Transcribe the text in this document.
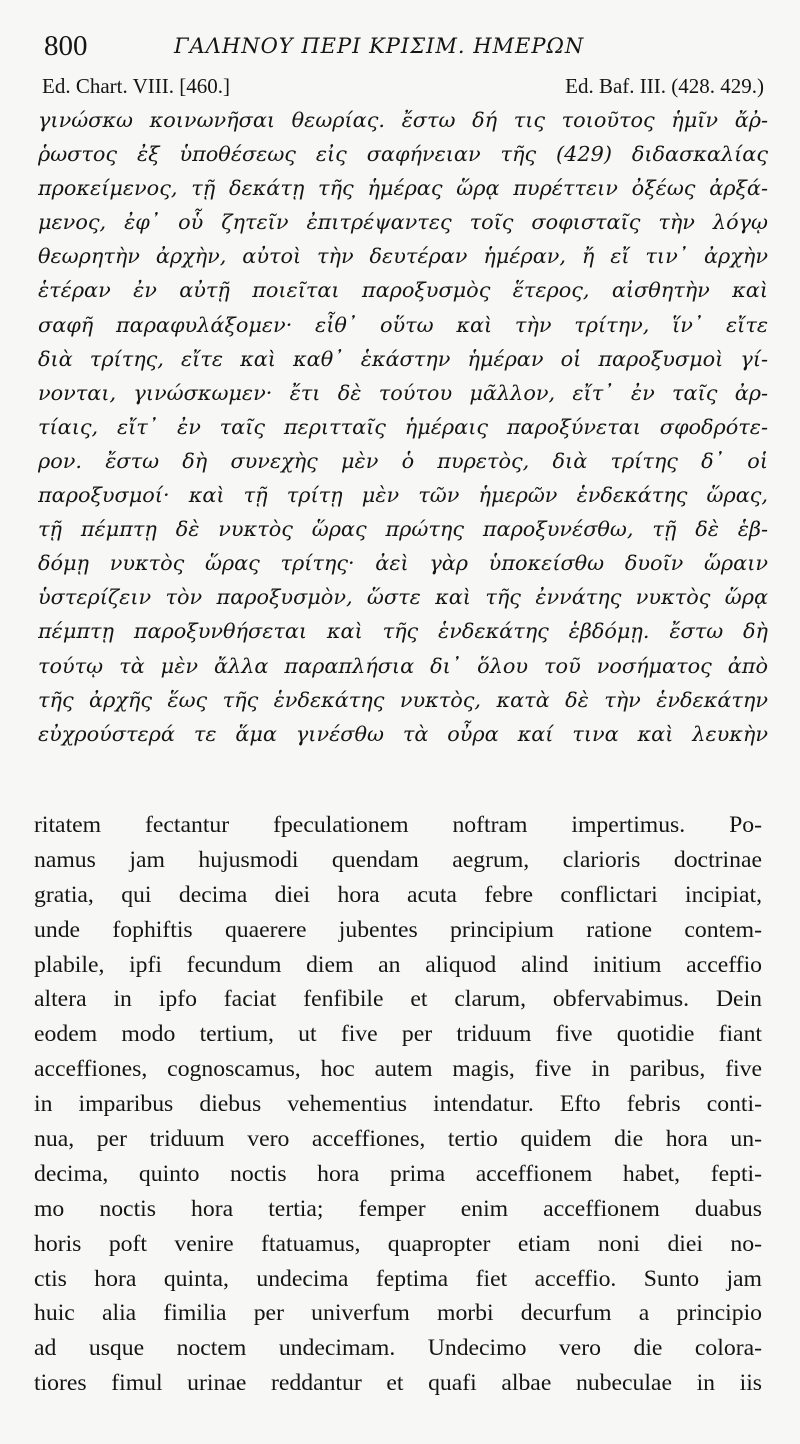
800	ΓΑΛΗΝΟΥ ΠΕΡΙ ΚΡΙΣΙΜ. ΗΜΕΡΩΝ
Ed. Chart. VIII. [460.]	Ed. Baf. III. (428. 429.)
γινώσκω κοινωνῆσαι θεωρίας. ἔστω δή τις τοιοῦτος ἡμῖν ἄῤ-
ῥωστος ἐξ ὑποθέσεως εἰς σαφήνειαν τῆς (429) διδασκαλίας
προκείμενος, τῇ δεκάτῃ τῆς ἡμέρας ὥρᾳ πυρέττειν ὀξέως ἀρξά-
μενος, ἐφ᾽ οὗ ζητεῖν ἐπιτρέψαντες τοῖς σοφισταῖς τὴν λόγῳ
θεωρητὴν ἀρχὴν, αὐτοὶ τὴν δευτέραν ἡμέραν, ἤ εἴ τιν᾽ ἀρχὴν
ἑτέραν ἐν αὐτῇ ποιεῖται παροξυσμὸς ἕτερος, αἰσθητὴν καὶ
σαφῆ παραφυλάξομεν· εἶθ᾽ οὕτω καὶ τὴν τρίτην, ἵν᾽ εἴτε
διὰ τρίτης, εἴτε καὶ καθ᾽ ἑκάστην ἡμέραν οἱ παροξυσμοὶ γί-
νονται, γινώσκωμεν· ἔτι δὲ τούτου μᾶλλον, εἴτ᾽ ἐν ταῖς ἀρ-
τίαις, εἴτ᾽ ἐν ταῖς περιτταῖς ἡμέραις παροξύνεται σφοδρότε-
ρον. ἔστω δὴ συνεχὴς μὲν ὁ πυρετὸς, διὰ τρίτης δ᾽ οἱ
παροξυσμοί· καὶ τῇ τρίτῃ μὲν τῶν ἡμερῶν ἑνδεκάτης ὥρας,
τῇ πέμπτῃ δὲ νυκτὸς ὥρας πρώτης παροξυνέσθω, τῇ δὲ ἑβ-
δόμῃ νυκτὸς ὥρας τρίτης· ἀεὶ γὰρ ὑποκείσθω δυοῖν ὥραιν
ὑστερίζειν τὸν παροξυσμὸν, ὥστε καὶ τῆς ἐννάτης νυκτὸς ὥρᾳ
πέμπτῃ παροξυνθήσεται καὶ τῆς ἑνδεκάτης ἑβδόμῃ. ἔστω δὴ
τούτῳ τὰ μὲν ἄλλα παραπλήσια δι᾽ ὅλου τοῦ νοσήματος ἀπὸ
τῆς ἀρχῆς ἕως τῆς ἑνδεκάτης νυκτὸς, κατὰ δὲ τὴν ἑνδεκάτην
εὐχρούστερά τε ἅμα γινέσθω τὰ οὖρα καί τινα καὶ λευκὴν
ritatem fectantur fpeculationem noftram impertimus. Po-
namus jam hujusmodi quendam aegrum, clarioris doctrinae
gratia, qui decima diei hora acuta febre conflictari incipiat,
unde fophiftis quaerere jubentes principium ratione contem-
plabile, ipfi fecundum diem an aliquod alind initium acceffio
altera in ipfo faciat fenfibile et clarum, obfervabimus. Dein
eodem modo tertium, ut five per triduum five quotidie fiant
acceffiones, cognoscamus, hoc autem magis, five in paribus, five
in imparibus diebus vehementius intendatur. Efto febris conti-
nua, per triduum vero acceffiones, tertio quidem die hora un-
decima, quinto noctis hora prima acceffionem habet, fepti-
mo noctis hora tertia; femper enim acceffionem duabus
horis poft venire ftatuamus, quapropter etiam noni diei no-
ctis hora quinta, undecima feptima fiet acceffio. Sunto jam
huic alia fimilia per univerfum morbi decurfum a principio
ad usque noctem undecimam. Undecimo vero die colora-
tiores fimul urinae reddantur et quafi albae nubeculae in iis
